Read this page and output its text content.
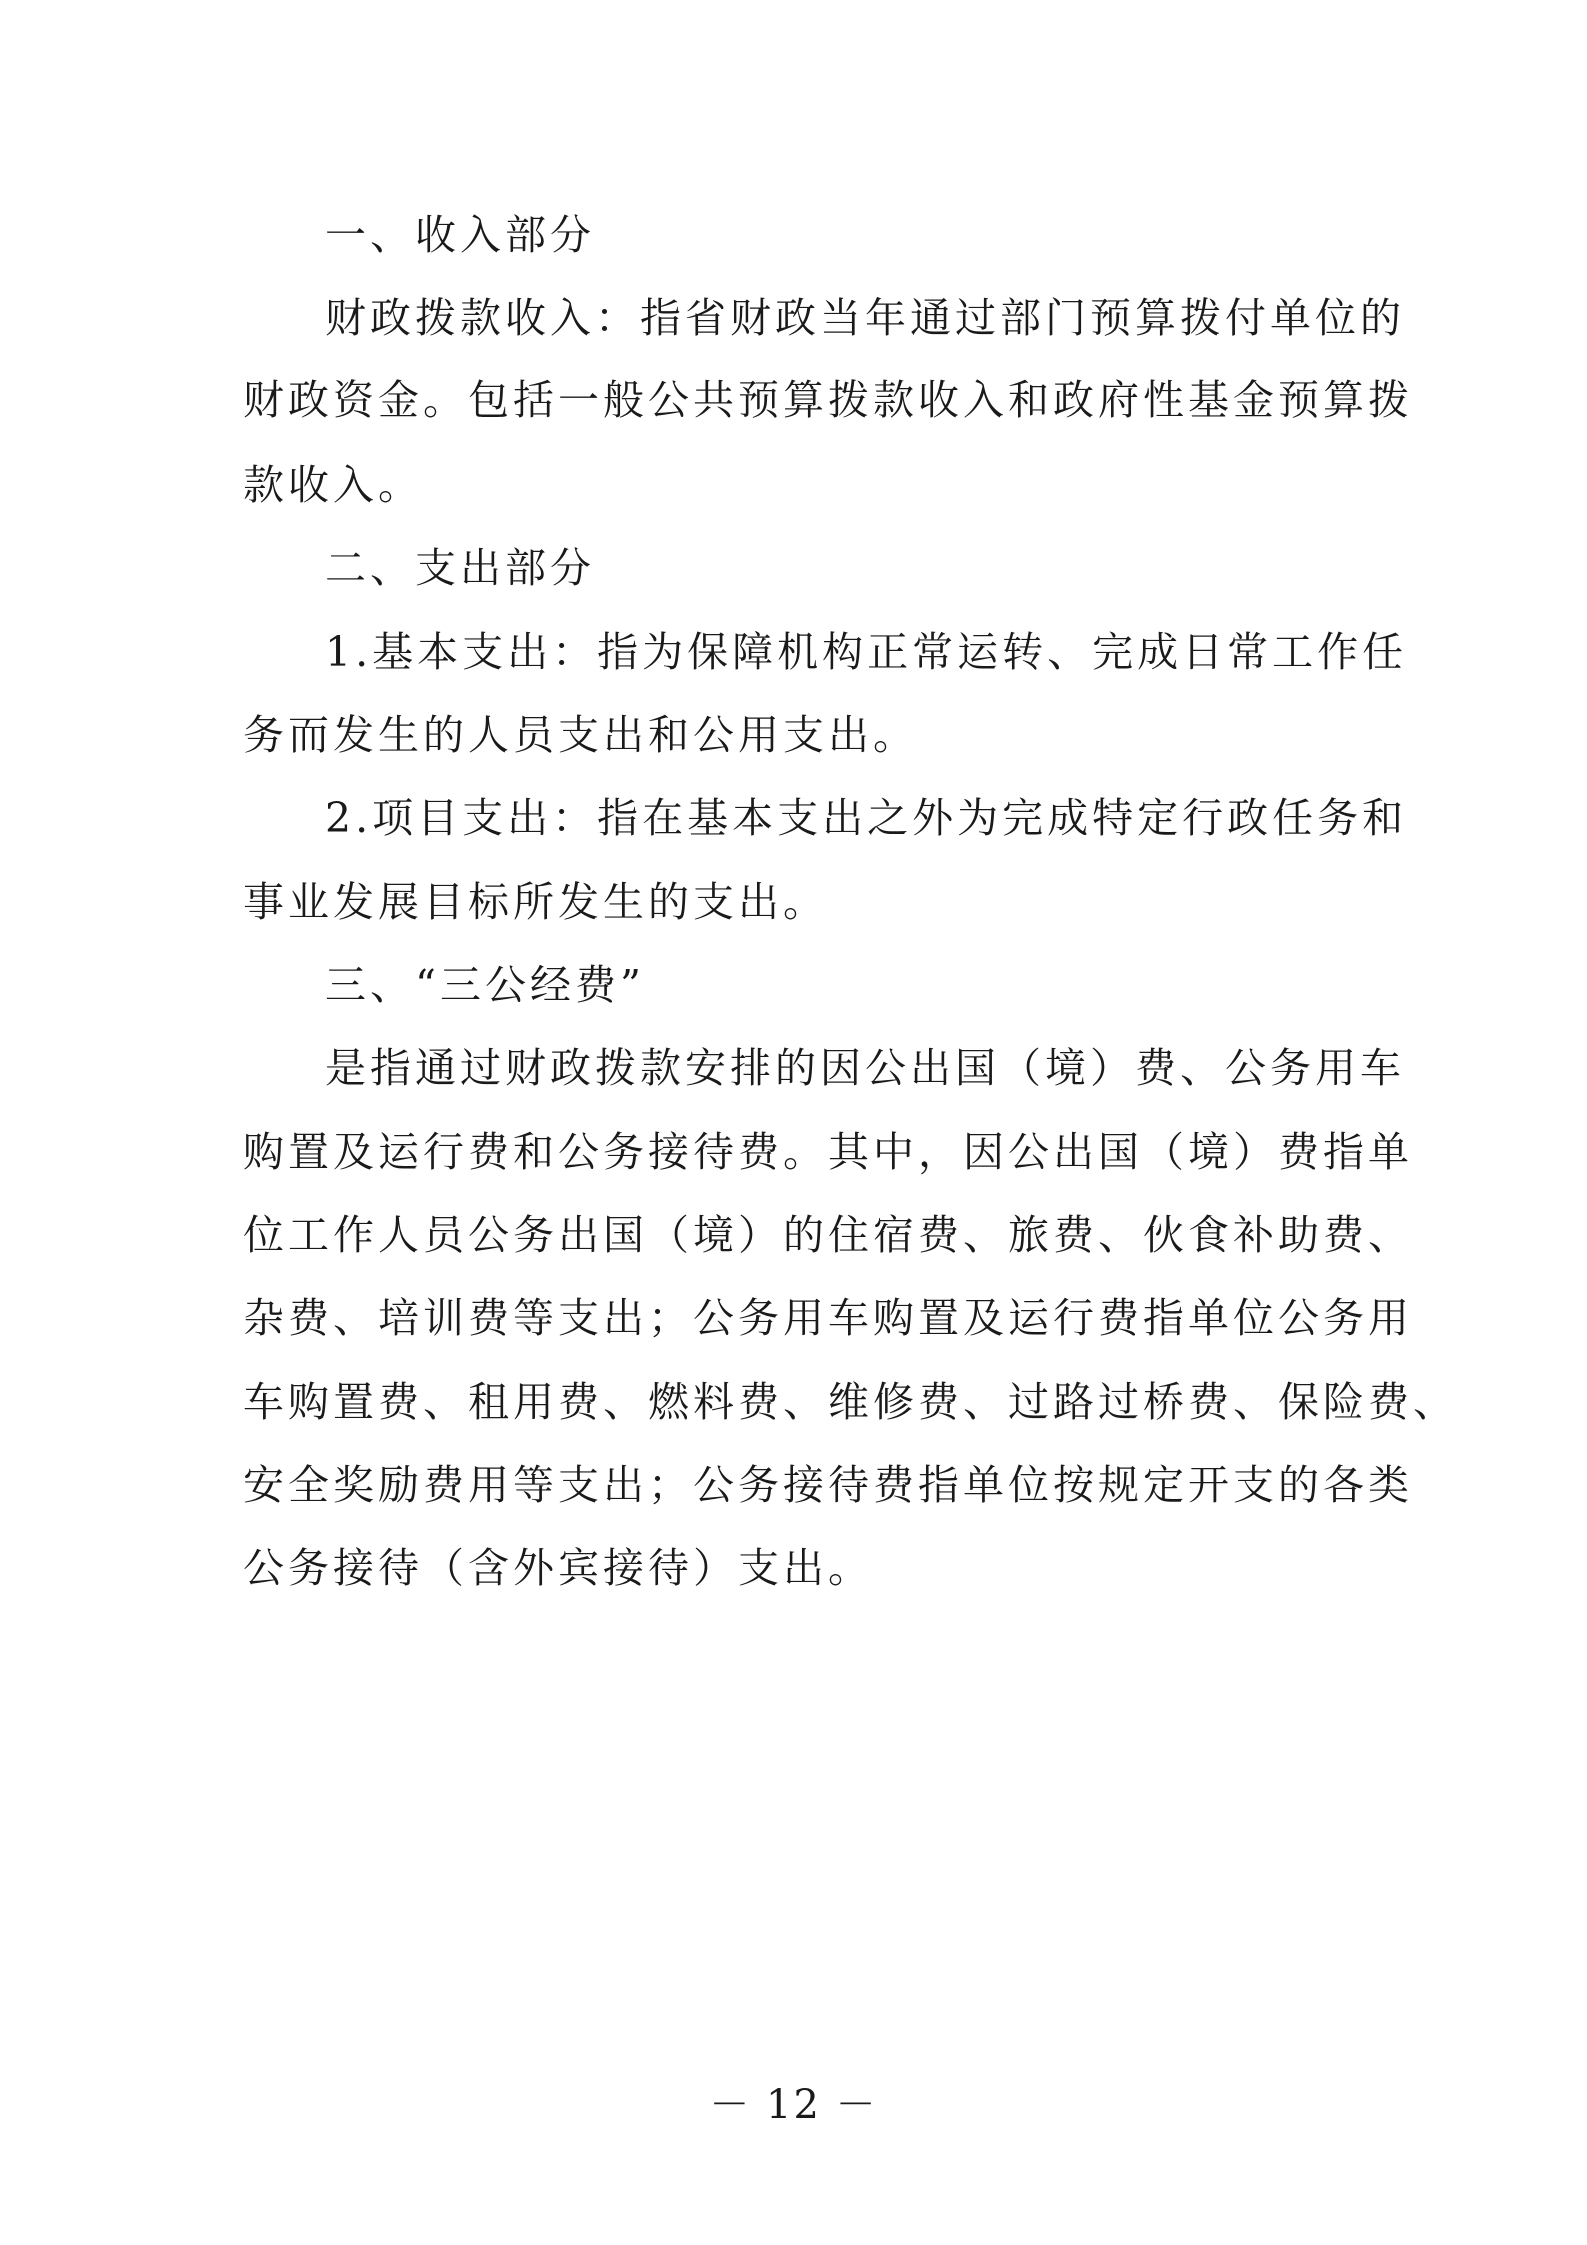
一、收入部分
财政拨款收入：指省财政当年通过部门预算拨付单位的
财政资金。包括一般公共预算拨款收入和政府性基金预算拨
款收入。
二、支出部分
1.基本支出：指为保障机构正常运转、完成日常工作任
务而发生的人员支出和公用支出。
2.项目支出：指在基本支出之外为完成特定行政任务和
事业发展目标所发生的支出。
三、“三公经费”
是指通过财政拨款安排的因公出国（境）费、公务用车
购置及运行费和公务接待费。其中，因公出国（境）费指单
位工作人员公务出国（境）的住宿费、旅费、伙食补助费、
杂费、培训费等支出；公务用车购置及运行费指单位公务用
车购置费、租用费、燃料费、维修费、过路过桥费、保险费、
安全奖励费用等支出；公务接待费指单位按规定开支的各类
公务接待（含外宾接待）支出。
－ 12 －
